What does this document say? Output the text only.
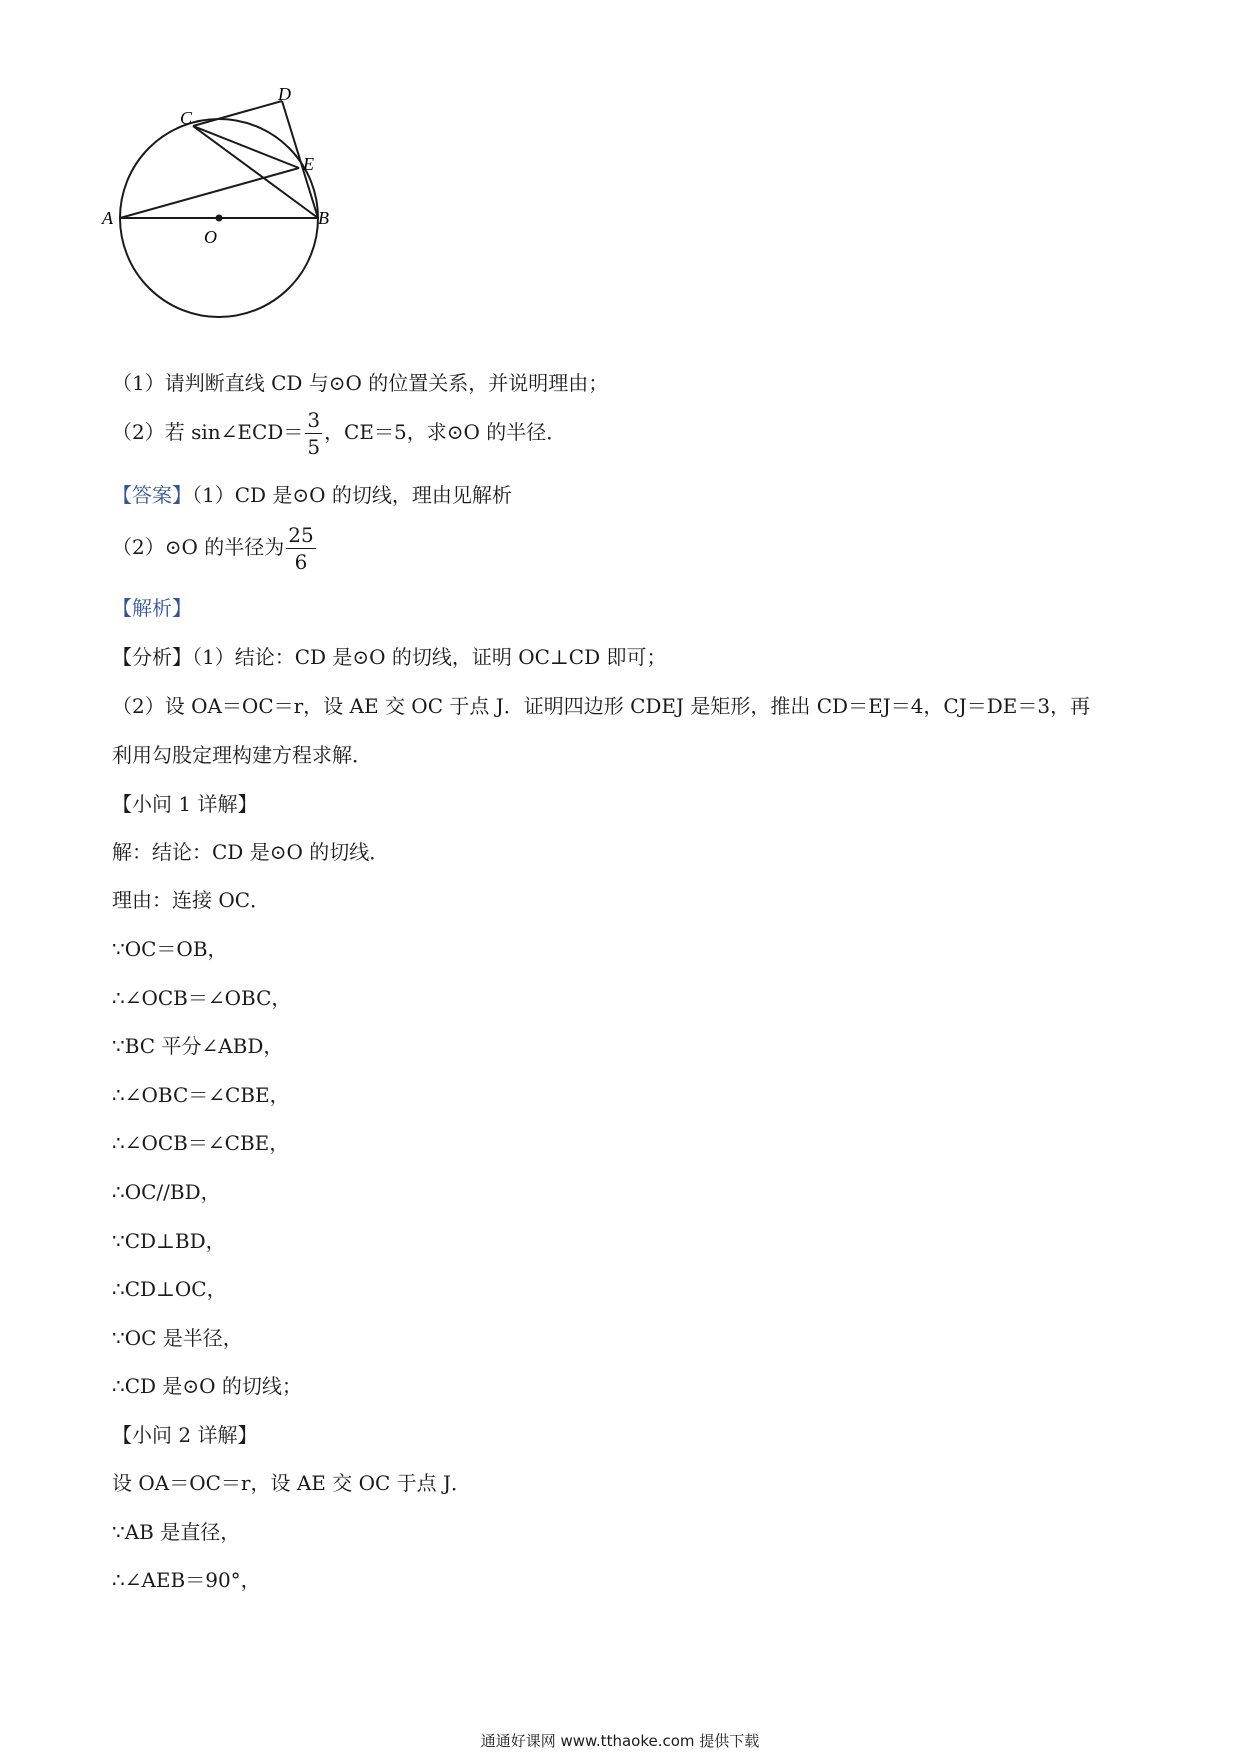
A	B
C
D
E
O
（1）请判断直线 CD 与⊙O 的位置关系，并说明理由；
（2）若 sin∠ECD＝ $\frac{3}{5}$ ，CE＝5，求⊙O 的半径．
【答案】（1）CD 是⊙O 的切线，理由见解析
（2）⊙O 的半径为 $\frac{25}{6}$
【解析】
【分析】（1）结论：CD 是⊙O 的切线，证明 OC⊥CD 即可；
（2）设 OA＝OC＝r，设 AE 交 OC 于点 J．证明四边形 CDEJ 是矩形，推出 CD＝EJ＝4，CJ＝DE＝3，再
利用勾股定理构建方程求解．
【小问 1 详解】
解：结论：CD 是⊙O 的切线．
理由：连接 OC．
∵OC＝OB，
∴∠OCB＝∠OBC，
∵BC 平分∠ABD，
∴∠OBC＝∠CBE，
∴∠OCB＝∠CBE，
∴OC//BD，
∵CD⊥BD，
∴CD⊥OC，
∵OC 是半径，
∴CD 是⊙O 的切线；
【小问 2 详解】
设 OA＝OC＝r，设 AE 交 OC 于点 J．
∵AB 是直径，
∴∠AEB＝90°，
通通好课网 www.tthaoke.com 提供下载
